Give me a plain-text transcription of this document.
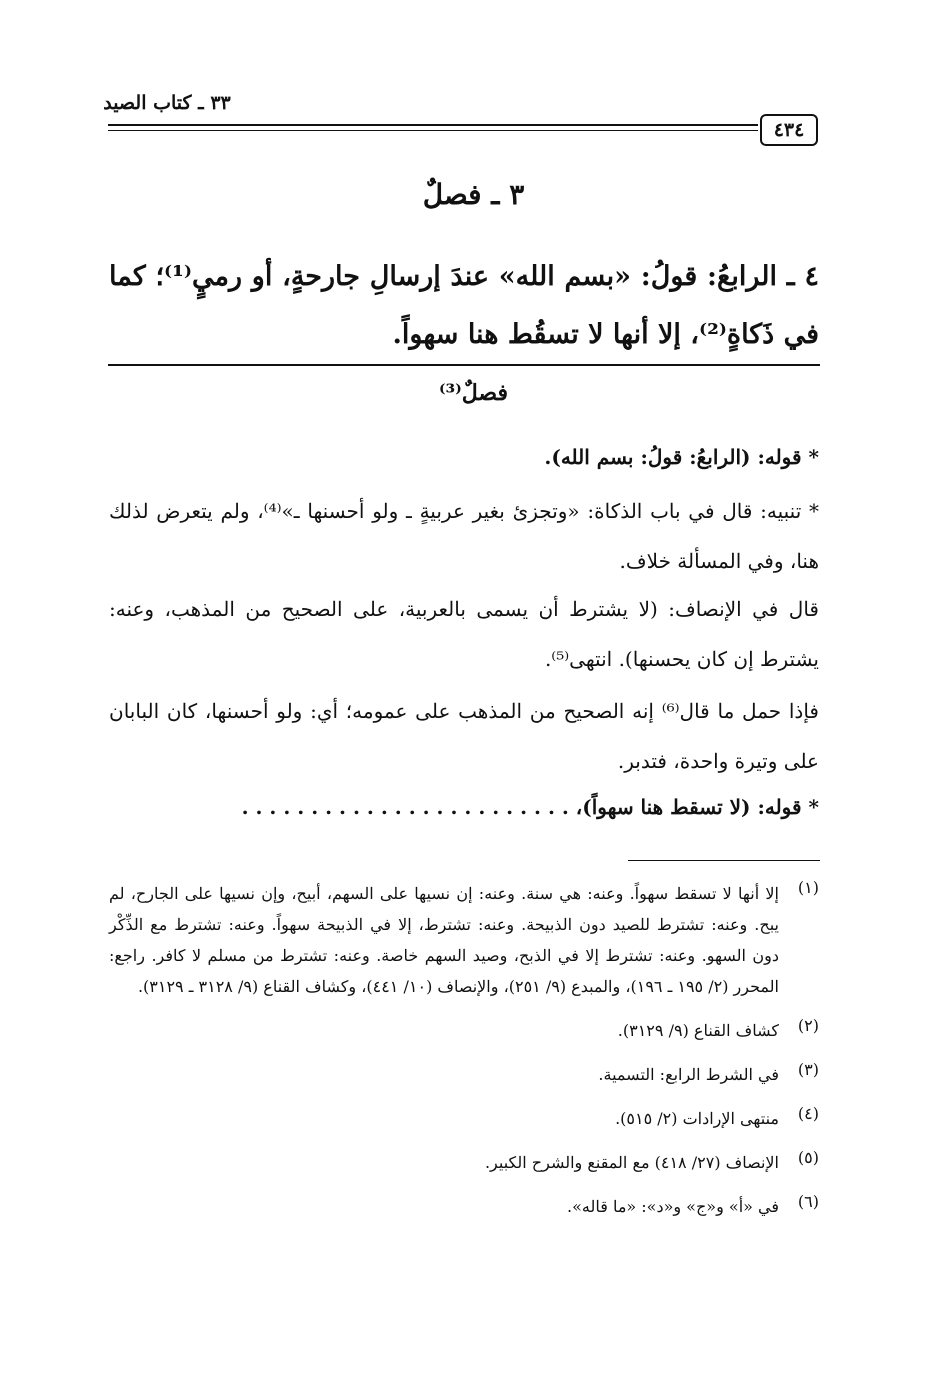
٣٣ ـ كتاب الصيد
٤٣٤
٣ ـ فصلٌ
٤ ـ الرابعُ: قولُ: «بسم الله» عندَ إرسالِ جارحةٍ، أو رميٍ⁽¹⁾؛ كما في ذَكاةٍ⁽²⁾، إلا أنها لا تسقُط هنا سهواً.
فصلٌ⁽³⁾
* قوله: (الرابعُ: قولُ: بسم الله).
* تنبيه: قال في باب الذكاة: «وتجزئ بغير عربيةٍ ـ ولو أحسنها ـ»⁽⁴⁾، ولم يتعرض لذلك هنا، وفي المسألة خلاف.
قال في الإنصاف: (لا يشترط أن يسمى بالعربية، على الصحيح من المذهب، وعنه: يشترط إن كان يحسنها). انتهى⁽⁵⁾.
فإذا حمل ما قال⁽⁶⁾ إنه الصحيح من المذهب على عمومه؛ أي: ولو أحسنها، كان البابان على وتيرة واحدة، فتدبر.
* قوله: (لا تسقط هنا سهواً)، . . . . . . . . . . . . . . . . . . . . . . . .
(١)
إلا أنها لا تسقط سهواً. وعنه: هي سنة. وعنه: إن نسيها على السهم، أبيح، وإن نسيها على الجارح، لم يبح. وعنه: تشترط للصيد دون الذبيحة. وعنه: تشترط، إلا في الذبيحة سهواً. وعنه: تشترط مع الذِّكْر دون السهو. وعنه: تشترط إلا في الذبح، وصيد السهم خاصة. وعنه: تشترط من مسلم لا كافر. راجع: المحرر (٢/ ١٩٥ ـ ١٩٦)، والمبدع (٩/ ٢٥١)، والإنصاف (١٠/ ٤٤١)، وكشاف القناع (٩/ ٣١٢٨ ـ ٣١٢٩).
(٢)
كشاف القناع (٩/ ٣١٢٩).
(٣)
في الشرط الرابع: التسمية.
(٤)
منتهى الإرادات (٢/ ٥١٥).
(٥)
الإنصاف (٢٧/ ٤١٨) مع المقنع والشرح الكبير.
(٦)
في «أ» و«ج» و«د»: «ما قاله».
